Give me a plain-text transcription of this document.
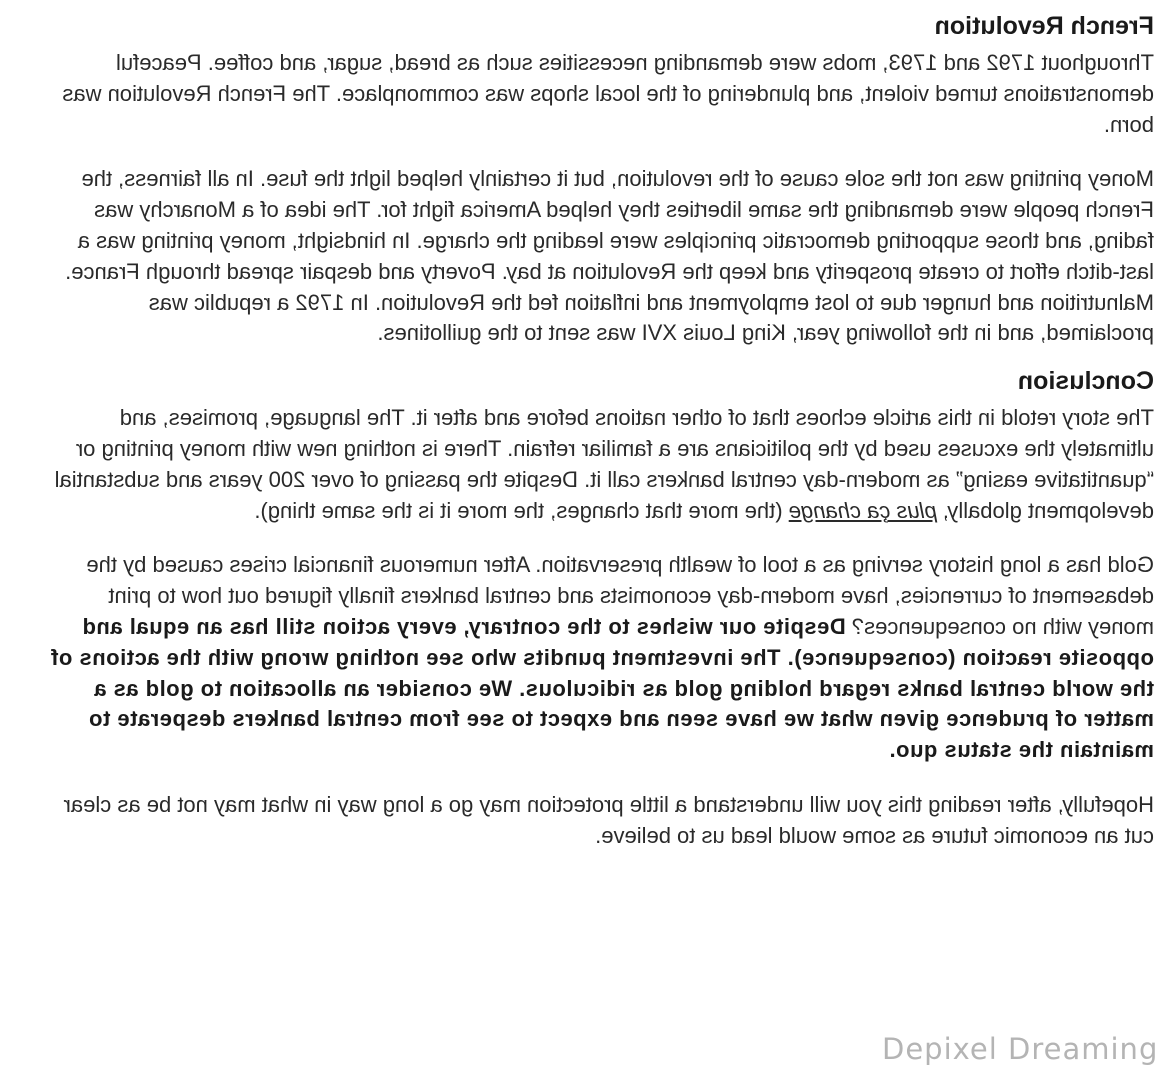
French Revolution

Throughout 1792 and 1793, mobs were demanding necessities such as bread, sugar, and coffee. Peaceful demonstrations turned violent, and plundering of the local shops was commonplace. The French Revolution was born.

Money printing was not the sole cause of the revolution, but it certainly helped light the fuse. In all fairness, the French people were demanding the same liberties they helped America fight for. The idea of a Monarchy was fading, and those supporting democratic principles were leading the charge. In hindsight, money printing was a last-ditch effort to create prosperity and keep the Revolution at bay. Poverty and despair spread through France. Malnutrition and hunger due to lost employment and inflation fed the Revolution. In 1792 a republic was proclaimed, and in the following year, King Louis XVI was sent to the guillotines.

Conclusion

The story retold in this article echoes that of other nations before and after it. The language, promises, and ultimately the excuses used by the politicians are a familiar refrain. There is nothing new with money printing or “quantitative easing” as modern-day central bankers call it. Despite the passing of over 200 years and substantial development globally, plus ça change (the more that changes, the more it is the same thing).

Gold has a long history serving as a tool of wealth preservation. After numerous financial crises caused by the debasement of currencies, have modern-day economists and central bankers finally figured out how to print money with no consequences? Despite our wishes to the contrary, every action still has an equal and opposite reaction (consequence). The investment pundits who see nothing wrong with the actions of the world central banks regard holding gold as ridiculous. We consider an allocation to gold as a matter of prudence given what we have seen and expect to see from central bankers desperate to maintain the status quo.

Hopefully, after reading this you will understand a little protection may go a long way in what may not be as clear cut an economic future as some would lead us to believe.

Depixel Dreaming
